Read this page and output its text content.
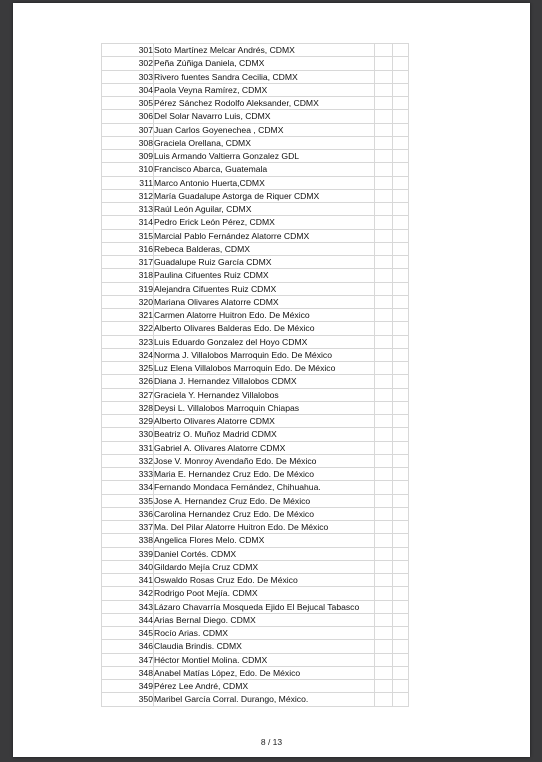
301	Soto Martínez Melcar Andrés, CDMX		
302	Peña Zúñiga Daniela, CDMX		
303	Rivero fuentes Sandra Cecilia, CDMX		
304	Paola Veyna Ramírez, CDMX		
305	Pérez Sánchez Rodolfo Aleksander, CDMX		
306	Del Solar Navarro Luis, CDMX		
307	Juan Carlos Goyenechea , CDMX		
308	Graciela Orellana, CDMX		
309	Luis Armando Valtierra Gonzalez GDL		
310	Francisco Abarca, Guatemala		
311	Marco Antonio Huerta,CDMX		
312	María Guadalupe Astorga de Riquer CDMX		
313	Raúl León Aguilar, CDMX		
314	Pedro Erick León Pérez, CDMX		
315	Marcial Pablo Fernández Alatorre CDMX		
316	Rebeca Balderas, CDMX		
317	Guadalupe Ruiz García CDMX		
318	Paulina Cifuentes Ruiz CDMX		
319	Alejandra Cifuentes Ruiz CDMX		
320	Mariana Olivares Alatorre CDMX		
321	Carmen Alatorre Huitron Edo. De México		
322	Alberto Olivares Balderas Edo. De México		
323	Luis Eduardo Gonzalez del Hoyo CDMX		
324	Norma J. Villalobos Marroquin Edo. De México		
325	Luz Elena Villalobos Marroquin Edo. De México		
326	Diana J. Hernandez Villalobos CDMX		
327	Graciela Y. Hernandez Villalobos		
328	Deysi L. Villalobos Marroquin Chiapas		
329	Alberto Olivares Alatorre CDMX		
330	Beatriz O. Muñoz Madrid CDMX		
331	Gabriel A. Olivares Alatorre CDMX		
332	Jose V. Monroy Avendaño Edo. De México		
333	Maria E. Hernandez Cruz Edo. De México		
334	Fernando Mondaca Fernández, Chihuahua.		
335	Jose A. Hernandez Cruz Edo. De México		
336	Carolina Hernandez Cruz Edo. De México		
337	Ma. Del Pilar Alatorre Huitron Edo. De México		
338	Angelica Flores Melo. CDMX		
339	Daniel Cortés. CDMX		
340	Gildardo Mejía Cruz CDMX		
341	Oswaldo Rosas Cruz Edo. De México		
342	Rodrigo Poot Mejía. CDMX		
343	Lázaro Chavarría Mosqueda Ejido El Bejucal Tabasco		
344	Arias Bernal Diego. CDMX		
345	Rocío Arias. CDMX		
346	Claudia Brindis. CDMX		
347	Héctor Montiel Molina. CDMX		
348	Anabel Matías López, Edo. De México		
349	Pérez Lee André, CDMX		
350	Maribel García Corral. Durango, México.		
8 / 13
